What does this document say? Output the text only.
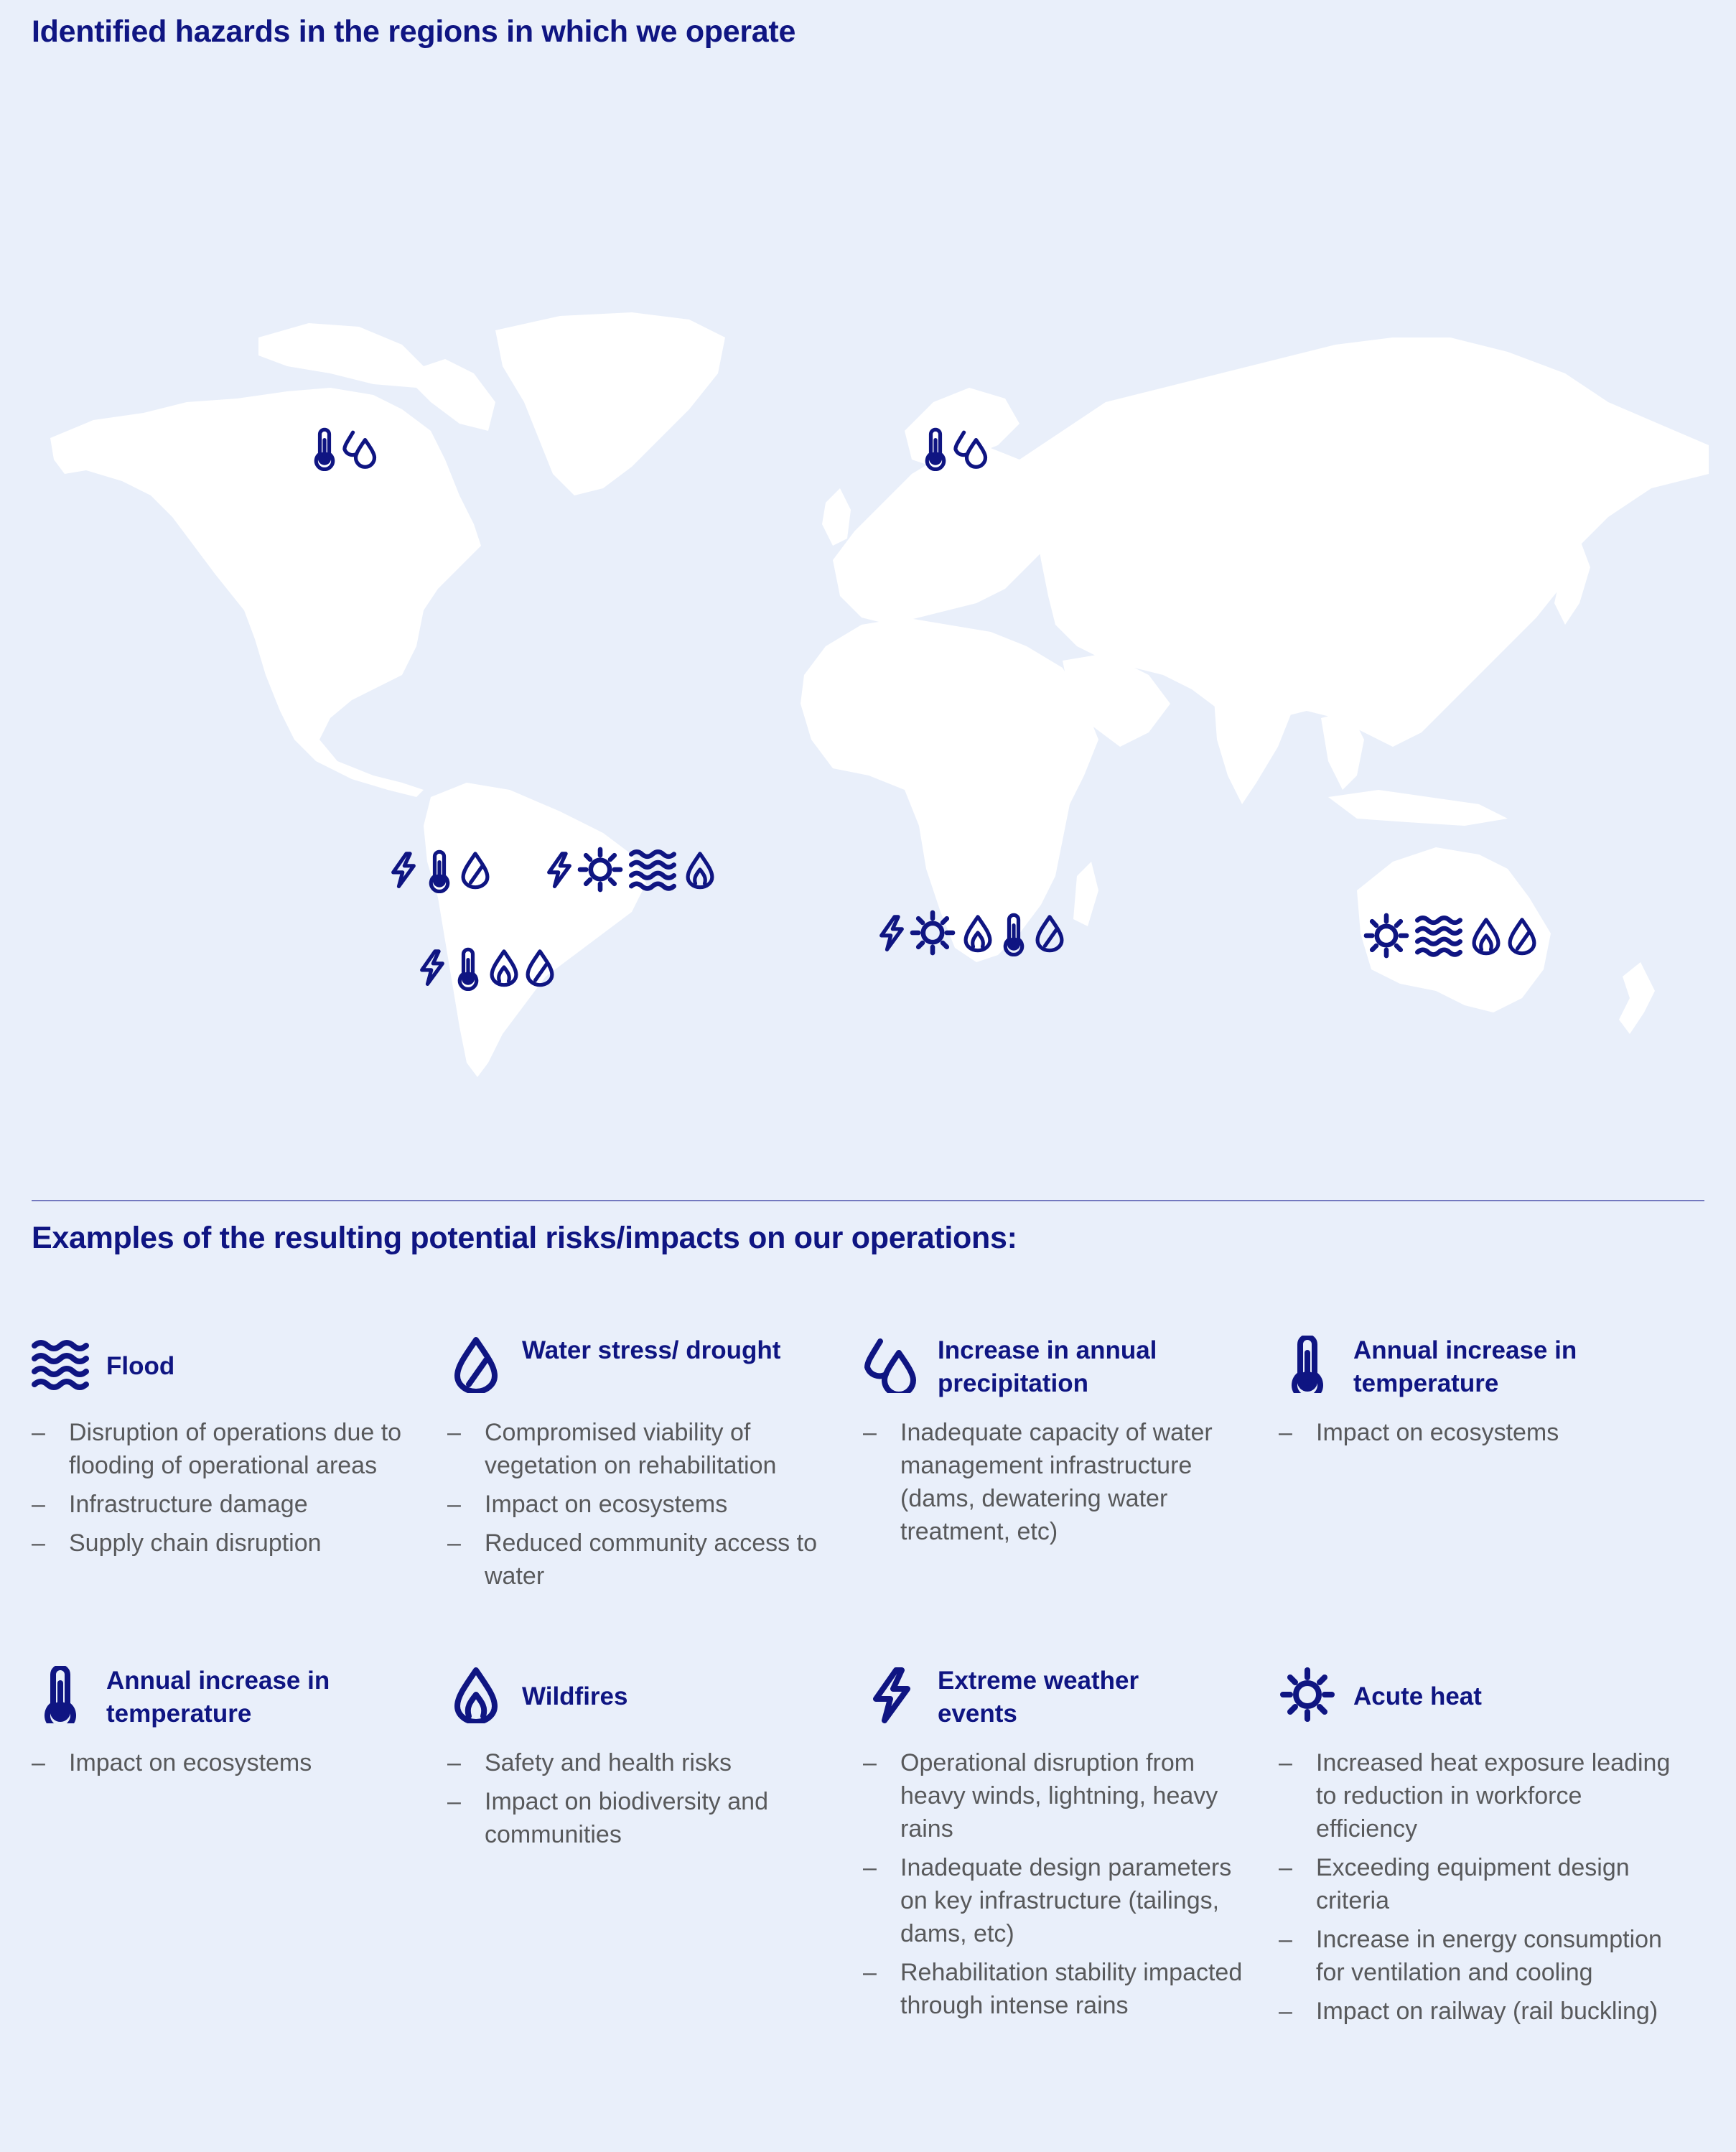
Identified hazards in the regions in which we operate
Examples of the resulting potential risks/impacts on our operations:
Flood
– Disruption of operations due to flooding of operational areas
– Infrastructure damage
– Supply chain disruption
Water stress/ drought
– Compromised viability of vegetation on rehabilitation
– Impact on ecosystems
– Reduced community access to water
Increase in annual precipitation
– Inadequate capacity of water management infrastructure (dams, dewatering water treatment, etc)
Annual increase in temperature
– Impact on ecosystems
Annual increase in temperature
– Impact on ecosystems
Wildfires
– Safety and health risks
– Impact on biodiversity and communities
Extreme weather events
– Operational disruption from heavy winds, lightning, heavy rains
– Inadequate design parameters on key infrastructure (tailings, dams, etc)
– Rehabilitation stability impacted through intense rains
Acute heat
– Increased heat exposure leading to reduction in workforce efficiency
– Exceeding equipment design criteria
– Increase in energy consumption for ventilation and cooling
– Impact on railway (rail buckling)
